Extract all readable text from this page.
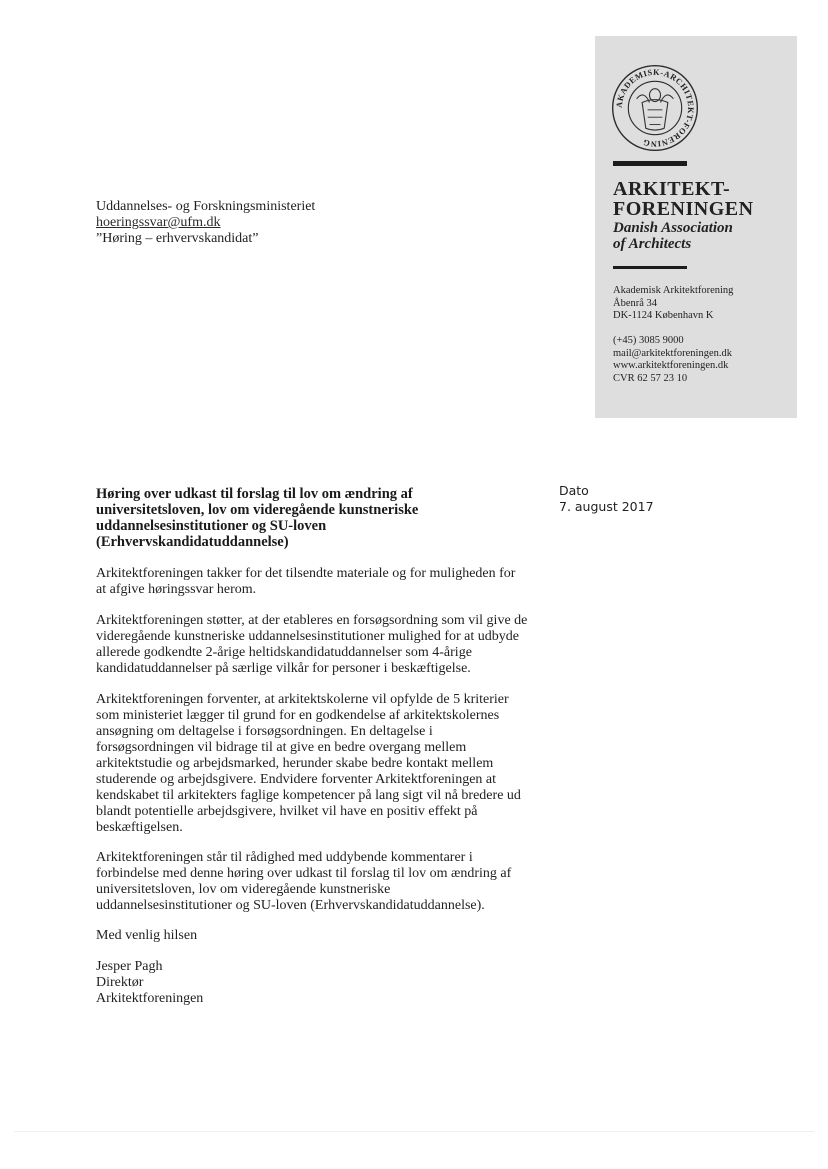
Uddannelses- og Forskningsministeriet
hoeringssvar@ufm.dk
”Høring – erhvervskandidat”
AKADEMISK-ARCHITEKT-FORENING
ARKITEKT-
FORENINGEN
Danish Association
of Architects
Akademisk Arkitektforening
Åbenrå 34
DK-1124 København K
(+45) 3085 9000
mail@arkitektforeningen.dk
www.arkitektforeningen.dk
CVR 62 57 23 10
Dato
7. august 2017
Høring over udkast til forslag til lov om ændring af
universitetsloven, lov om videregående kunstneriske
uddannelsesinstitutioner og SU-loven
(Erhvervskandidatuddannelse)
Arkitektforeningen takker for det tilsendte materiale og for muligheden for
at afgive høringssvar herom.
Arkitektforeningen støtter, at der etableres en forsøgsordning som vil give de
videregående kunstneriske uddannelsesinstitutioner mulighed for at udbyde
allerede godkendte 2-årige heltidskandidatuddannelser som 4-årige
kandidatuddannelser på særlige vilkår for personer i beskæftigelse.
Arkitektforeningen forventer, at arkitektskolerne vil opfylde de 5 kriterier
som ministeriet lægger til grund for en godkendelse af arkitektskolernes
ansøgning om deltagelse i forsøgsordningen. En deltagelse i
forsøgsordningen vil bidrage til at give en bedre overgang mellem
arkitektstudie og arbejdsmarked, herunder skabe bedre kontakt mellem
studerende og arbejdsgivere. Endvidere forventer Arkitektforeningen at
kendskabet til arkitekters faglige kompetencer på lang sigt vil nå bredere ud
blandt potentielle arbejdsgivere, hvilket vil have en positiv effekt på
beskæftigelsen.
Arkitektforeningen står til rådighed med uddybende kommentarer i
forbindelse med denne høring over udkast til forslag til lov om ændring af
universitetsloven, lov om videregående kunstneriske
uddannelsesinstitutioner og SU-loven (Erhvervskandidatuddannelse).
Med venlig hilsen
Jesper Pagh
Direktør
Arkitektforeningen
